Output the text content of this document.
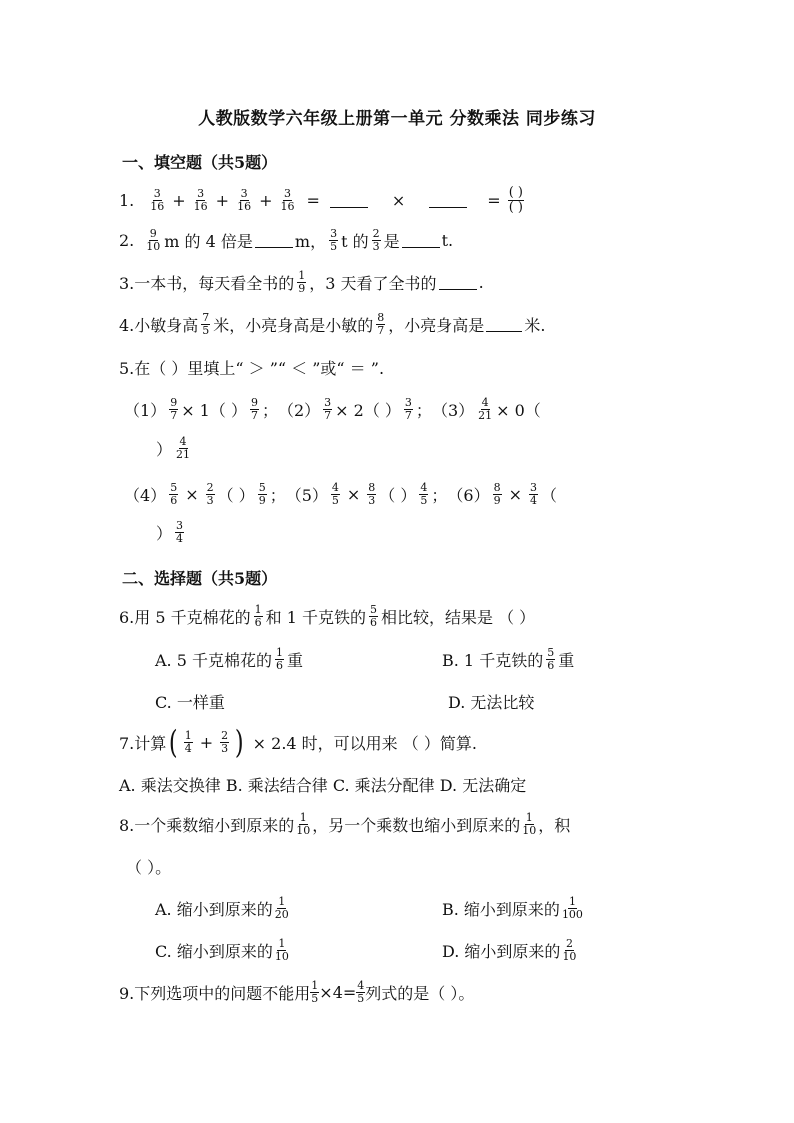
人教版数学六年级上册第一单元 分数乘法 同步练习
一、填空题（共5题）
1. $\frac{3}{16} + \frac{3}{16} + \frac{3}{16} + \frac{3}{16}$ =	×	= $\frac{( )}{( )}$
2. $\frac{9}{10}$ m 的 4 倍是	m， $\frac{3}{5}$ t 的 $\frac{2}{3}$ 是	t.
3.一本书，每天看全书的 $\frac{1}{9}$ ，3 天看了全书的	.
4.小敏身高 $\frac{7}{5}$ 米，小亮身高是小敏的 $\frac{8}{7}$ ，小亮身高是	米.
5.在（ ）里填上“ ＞ ”“ ＜ ”或“ ＝ ”.
$(1) \frac{9}{7} \times 1$（ ） $\frac{9}{7}$ ； $(2) \frac{3}{7} \times 2$（ ） $\frac{3}{7}$ ； $(3) \frac{4}{21} \times 0$（
） $\frac{4}{21}$
$(4) \frac{5}{6} \times \frac{2}{3}$ （ ） $\frac{5}{9}$ ； $(5) \frac{4}{5} \times \frac{8}{3}$ （ ） $\frac{4}{5}$ ； $(6) \frac{8}{9} \times \frac{3}{4}$ （
） $\frac{3}{4}$
二、选择题（共5题）
6.用 5 千克棉花的 $\frac{1}{6}$ 和 1 千克铁的 $\frac{5}{6}$ 相比较，结果是 （ ）
A. 5 千克棉花的 $\frac{1}{6}$ 重	B. 1 千克铁的 $\frac{5}{6}$ 重
C. 一样重	D. 无法比较
7.计算 ( $\frac{1}{4} + \frac{2}{3}$ ) × 2.4 时，可以用来 （ ）简算.
A. 乘法交换律 B. 乘法结合律 C. 乘法分配律 D. 无法确定
8.一个乘数缩小到原来的 $\frac{1}{10}$ ，另一个乘数也缩小到原来的 $\frac{1}{10}$ ，积
（ ）。
A. 缩小到原来的 $\frac{1}{20}$	B. 缩小到原来的 $\frac{1}{100}$
C. 缩小到原来的 $\frac{1}{10}$	D. 缩小到原来的 $\frac{2}{10}$
9.下列选项中的问题不能用 $\frac{1}{5} \times 4= \frac{4}{5}$ 列式的是（ ）。
